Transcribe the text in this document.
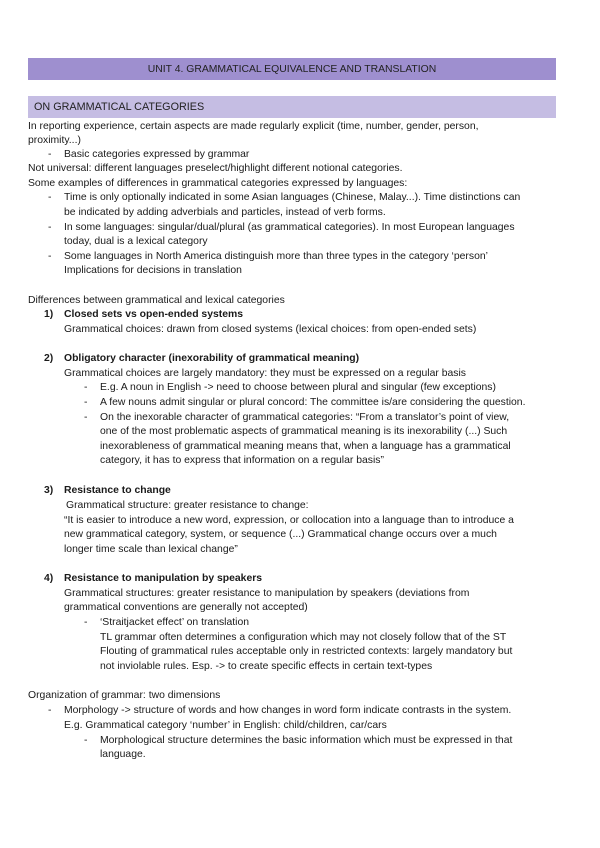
UNIT 4. GRAMMATICAL EQUIVALENCE AND TRANSLATION
ON GRAMMATICAL CATEGORIES
In reporting experience, certain aspects are made regularly explicit (time, number, gender, person,
proximity...)
- Basic categories expressed by grammar
Not universal: different languages preselect/highlight different notional categories.
Some examples of differences in grammatical categories expressed by languages:
- Time is only optionally indicated in some Asian languages (Chinese, Malay...). Time distinctions can
be indicated by adding adverbials and particles, instead of verb forms.
- In some languages: singular/dual/plural (as grammatical categories). In most European languages
today, dual is a lexical category
- Some languages in North America distinguish more than three types in the category ‘person’
Implications for decisions in translation
Differences between grammatical and lexical categories
1) Closed sets vs open-ended systems
Grammatical choices: drawn from closed systems (lexical choices: from open-ended sets)
2) Obligatory character (inexorability of grammatical meaning)
Grammatical choices are largely mandatory: they must be expressed on a regular basis
- E.g. A noun in English -> need to choose between plural and singular (few exceptions)
- A few nouns admit singular or plural concord: The committee is/are considering the question.
- On the inexorable character of grammatical categories: “From a translator’s point of view,
one of the most problematic aspects of grammatical meaning is its inexorability (...) Such
inexorableness of grammatical meaning means that, when a language has a grammatical
category, it has to express that information on a regular basis”
3) Resistance to change
Grammatical structure: greater resistance to change:
“It is easier to introduce a new word, expression, or collocation into a language than to introduce a
new grammatical category, system, or sequence (...) Grammatical change occurs over a much
longer time scale than lexical change”
4) Resistance to manipulation by speakers
Grammatical structures: greater resistance to manipulation by speakers (deviations from
grammatical conventions are generally not accepted)
- ‘Straitjacket effect’ on translation
TL grammar often determines a configuration which may not closely follow that of the ST
Flouting of grammatical rules acceptable only in restricted contexts: largely mandatory but
not inviolable rules. Esp. -> to create specific effects in certain text-types
Organization of grammar: two dimensions
- Morphology -> structure of words and how changes in word form indicate contrasts in the system.
E.g. Grammatical category ‘number’ in English: child/children, car/cars
- Morphological structure determines the basic information which must be expressed in that
language.
